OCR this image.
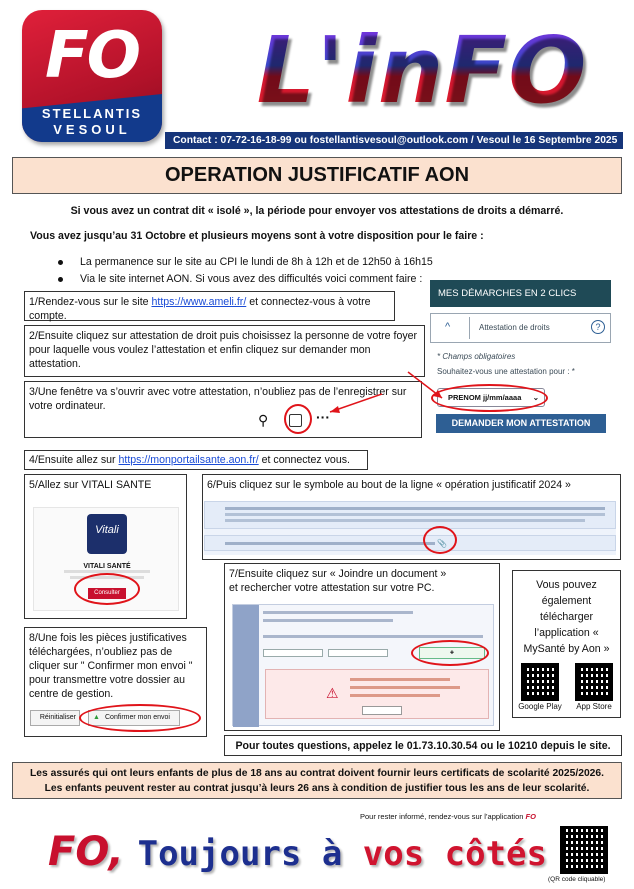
FO
STELLANTIS
VESOUL
L'inFO
Contact : 07-72-16-18-99 ou fostellantisvesoul@outlook.com / Vesoul le 16 Septembre 2025
OPERATION JUSTIFICATIF AON
Si vous avez un contrat dit « isolé », la période pour envoyer vos attestations de droits a démarré.
Vous avez jusqu’au 31 Octobre et plusieurs moyens sont à votre disposition pour le faire :
La permanence sur le site au CPI le lundi de 8h à 12h et de 12h50 à 16h15
Via le site internet AON. Si vous avez des difficultés voici comment faire :
MES DÉMARCHES EN 2 CLICS
^	Attestation de droits	?
* Champs obligatoires
Souhaitez-vous une attestation pour : *
PRENOM jj/mm/aaaa ⌄
DEMANDER MON ATTESTATION
1/Rendez-vous sur le site https://www.ameli.fr/ et connectez-vous à votre compte.
2/Ensuite cliquez sur attestation de droit puis choisissez la personne de votre foyer pour laquelle vous voulez l’attestation et enfin cliquez sur demander mon attestation.
3/Une fenêtre va s’ouvrir avec votre attestation, n’oubliez pas de l’enregistrer sur votre ordinateur.
⚲	···
4/Ensuite allez sur https://monportailsante.aon.fr/ et connectez vous.
5/Allez sur VITALI SANTE
Vitali
VITALI SANTÉ
Consulter
6/Puis cliquez sur le symbole au bout de la ligne « opération justificatif 2024 »
📎
Vous pouvez également télécharger l’application « MySanté by Aon »
Google Play	App Store
7/Ensuite cliquez sur « Joindre un document »
et rechercher votre attestation sur votre PC.
✚
⚠
8/Une fois les pièces justificatives téléchargées, n’oubliez pas de cliquer sur " Confirmer mon envoi " pour transmettre votre dossier au centre de gestion.
Réinitialiser	▲ Confirmer mon envoi
Pour toutes questions, appelez le 01.73.10.30.54 ou le 10210 depuis le site.
Les assurés qui ont leurs enfants de plus de 18 ans au contrat doivent fournir leurs certificats de scolarité 2025/2026.
Les enfants peuvent rester au contrat jusqu’à leurs 26 ans à condition de justifier tous les ans de leur scolarité.
Pour rester informé, rendez-vous sur l’application FO
FO, Toujours à vos côtés
(QR code cliquable)
